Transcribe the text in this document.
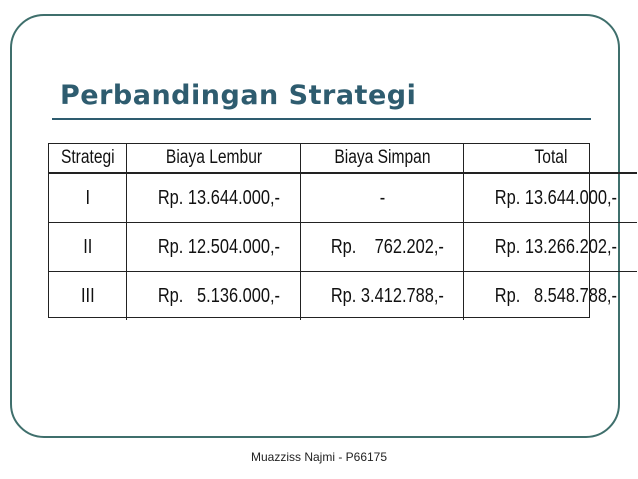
Perbandingan Strategi
Strategi	Biaya Lembur	Biaya Simpan	Total
I	Rp. 13.644.000,-	-	Rp. 13.644.000,-
II	Rp. 12.504.000,-	Rp.    762.202,-	Rp. 13.266.202,-
III	Rp.   5.136.000,-	Rp. 3.412.788,-	Rp.   8.548.788,-
Muazziss Najmi - P66175
